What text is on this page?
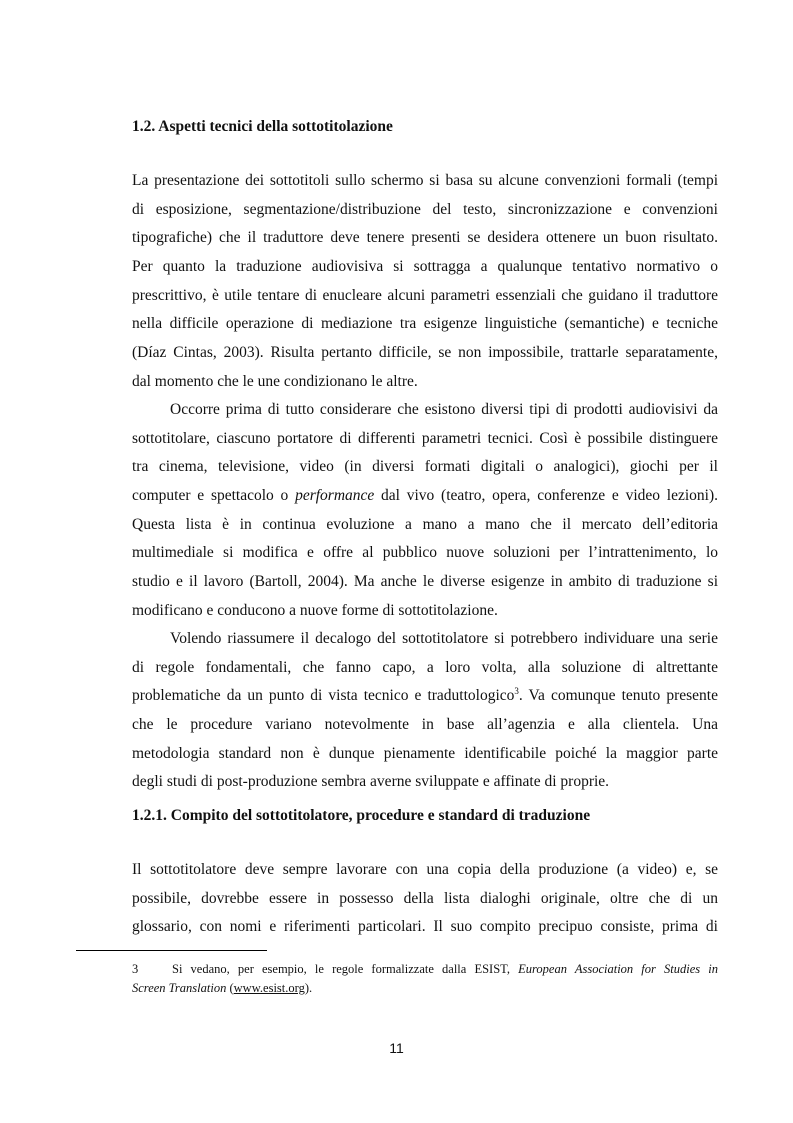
1.2. Aspetti tecnici della sottotitolazione
La presentazione dei sottotitoli sullo schermo si basa su alcune convenzioni formali (tempi
di esposizione, segmentazione/distribuzione del testo, sincronizzazione e convenzioni
tipografiche) che il traduttore deve tenere presenti se desidera ottenere un buon risultato.
Per quanto la traduzione audiovisiva si sottragga a qualunque tentativo normativo o
prescrittivo, è utile tentare di enucleare alcuni parametri essenziali che guidano il traduttore
nella difficile operazione di mediazione tra esigenze linguistiche (semantiche) e tecniche
(Díaz Cintas, 2003). Risulta pertanto difficile, se non impossibile, trattarle separatamente,
dal momento che le une condizionano le altre.
Occorre prima di tutto considerare che esistono diversi tipi di prodotti audiovisivi da
sottotitolare, ciascuno portatore di differenti parametri tecnici. Così è possibile distinguere
tra cinema, televisione, video (in diversi formati digitali o analogici), giochi per il
computer e spettacolo o performance dal vivo (teatro, opera, conferenze e video lezioni).
Questa lista è in continua evoluzione a mano a mano che il mercato dell’editoria
multimediale si modifica e offre al pubblico nuove soluzioni per l’intrattenimento, lo
studio e il lavoro (Bartoll, 2004). Ma anche le diverse esigenze in ambito di traduzione si
modificano e conducono a nuove forme di sottotitolazione.
Volendo riassumere il decalogo del sottotitolatore si potrebbero individuare una serie
di regole fondamentali, che fanno capo, a loro volta, alla soluzione di altrettante
problematiche da un punto di vista tecnico e traduttologico$^3$. Va comunque tenuto presente
che le procedure variano notevolmente in base all’agenzia e alla clientela. Una
metodologia standard non è dunque pienamente identificabile poiché la maggior parte
degli studi di post-produzione sembra averne sviluppate e affinate di proprie.
1.2.1. Compito del sottotitolatore, procedure e standard di traduzione
Il sottotitolatore deve sempre lavorare con una copia della produzione (a video) e, se
possibile, dovrebbe essere in possesso della lista dialoghi originale, oltre che di un
glossario, con nomi e riferimenti particolari. Il suo compito precipuo consiste, prima di
3	Si vedano, per esempio, le regole formalizzate dalla ESIST, European Association for Studies in
Screen Translation (www.esist.org).
11
